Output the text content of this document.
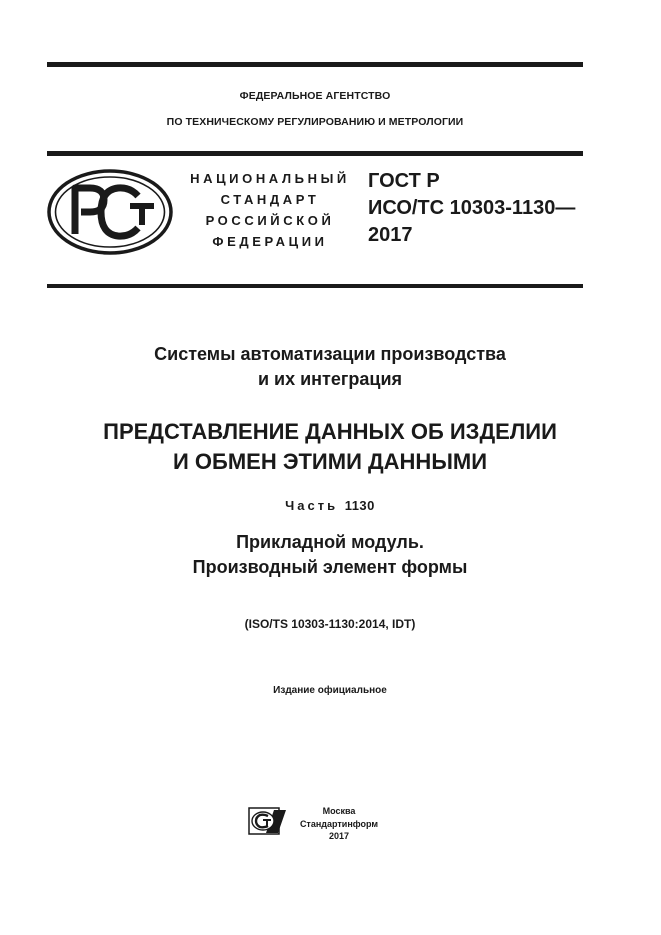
ФЕДЕРАЛЬНОЕ АГЕНТСТВО
ПО ТЕХНИЧЕСКОМУ РЕГУЛИРОВАНИЮ И МЕТРОЛОГИИ
НАЦИОНАЛЬНЫЙ
СТАНДАРТ
РОССИЙСКОЙ
ФЕДЕРАЦИИ
ГОСТ Р
ИСО/ТС 10303-1130—
2017
Системы автоматизации производства
и их интеграция
ПРЕДСТАВЛЕНИЕ ДАННЫХ ОБ ИЗДЕЛИИ
И ОБМЕН ЭТИМИ ДАННЫМИ
Часть 1130
Прикладной модуль.
Производный элемент формы
(ISO/TS 10303-1130:2014, IDT)
Издание официальное
Москва
Стандартинформ
2017
